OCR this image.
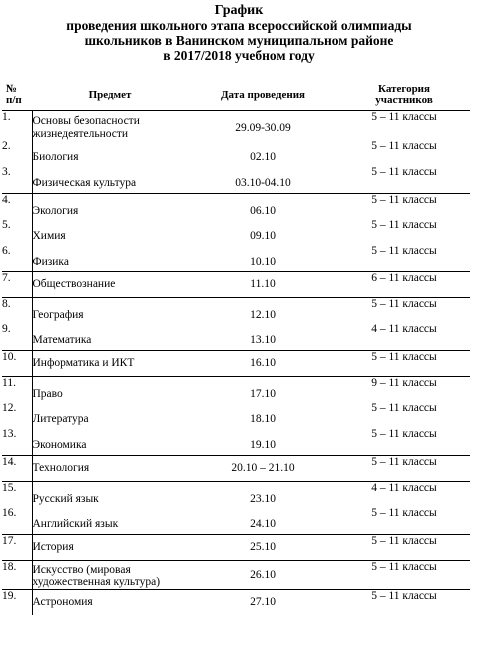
График
проведения школьного этапа всероссийской олимпиады
школьников в Ванинском муниципальном районе
в 2017/2018 учебном году
№
п/п	Предмет	Дата проведения	Категория
участников

1.	Основы безопасности жизнедеятельности	29.09-30.09	5 – 11 классы
2.	Биология	02.10	5 – 11 классы
3.	Физическая культура	03.10-04.10	5 – 11 классы
4.	Экология	06.10	5 – 11 классы
5.	Химия	09.10	5 – 11 классы
6.	Физика	10.10	5 – 11 классы
7.	Обществознание	11.10	6 – 11 классы
8.	География	12.10	5 – 11 классы
9.	Математика	13.10	4 – 11 классы
10.	Информатика и ИКТ	16.10	5 – 11 классы
11.	Право	17.10	9 – 11 классы
12.	Литература	18.10	5 – 11 классы
13.	Экономика	19.10	5 – 11 классы
14.	Технология	20.10 – 21.10	5 – 11 классы
15.	Русский язык	23.10	4 – 11 классы
16.	Английский язык	24.10	5 – 11 классы
17.	История	25.10	5 – 11 классы
18.	Искусство (мировая художественная культура)	26.10	5 – 11 классы
19.	Астрономия	27.10	5 – 11 классы
